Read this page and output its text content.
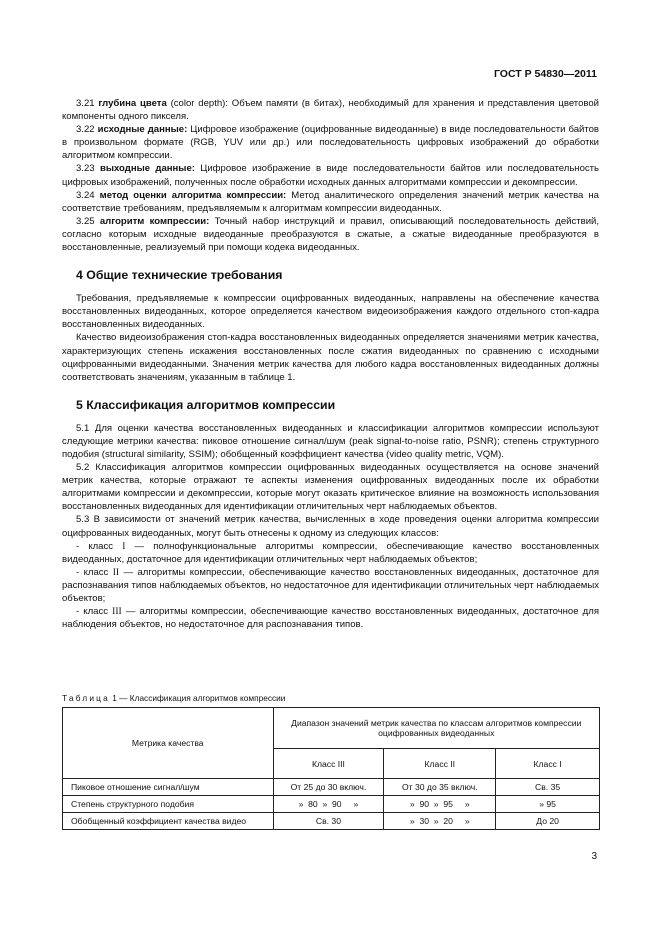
ГОСТ Р 54830—2011

3.21 глубина цвета (color depth): Объем памяти (в битах), необходимый для хранения и представления цветовой компоненты одного пикселя.

3.22 исходные данные: Цифровое изображение (оцифрованные видеоданные) в виде последовательности байтов в произвольном формате (RGB, YUV или др.) или последовательность цифровых изображений до обработки алгоритмом компрессии.

3.23 выходные данные: Цифровое изображение в виде последовательности байтов или последовательность цифровых изображений, полученных после обработки исходных данных алгоритмами компрессии и декомпрессии.

3.24 метод оценки алгоритма компрессии: Метод аналитического определения значений метрик качества на соответствие требованиям, предъявляемым к алгоритмам компрессии видеоданных.

3.25 алгоритм компрессии: Точный набор инструкций и правил, описывающий последовательность действий, согласно которым исходные видеоданные преобразуются в сжатые, а сжатые видеоданные преобразуются в восстановленные, реализуемый при помощи кодека видеоданных.

4 Общие технические требования

Требования, предъявляемые к компрессии оцифрованных видеоданных, направлены на обеспечение качества восстановленных видеоданных, которое определяется качеством видеоизображения каждого отдельного стоп-кадра восстановленных видеоданных.

Качество видеоизображения стоп-кадра восстановленных видеоданных определяется значениями метрик качества, характеризующих степень искажения восстановленных после сжатия видеоданных по сравнению с исходными оцифрованными видеоданными. Значения метрик качества для любого кадра восстановленных видеоданных должны соответствовать значениям, указанным в таблице 1.

5 Классификация алгоритмов компрессии

5.1 Для оценки качества восстановленных видеоданных и классификации алгоритмов компрессии используют следующие метрики качества: пиковое отношение сигнал/шум (peak signal-to-noise ratio, PSNR); степень структурного подобия (structural similarity, SSIM); обобщенный коэффициент качества (video quality metric, VQM).

5.2 Классификация алгоритмов компрессии оцифрованных видеоданных осуществляется на основе значений метрик качества, которые отражают те аспекты изменения оцифрованных видеоданных после их обработки алгоритмами компрессии и декомпрессии, которые могут оказать критическое влияние на возможность использования восстановленных видеоданных для идентификации отличительных черт наблюдаемых объектов.

5.3 В зависимости от значений метрик качества, вычисленных в ходе проведения оценки алгоритма компрессии оцифрованных видеоданных, могут быть отнесены к одному из следующих классов:

- класс I — полнофункциональные алгоритмы компрессии, обеспечивающие качество восстановленных видеоданных, достаточное для идентификации отличительных черт наблюдаемых объектов;

- класс II — алгоритмы компрессии, обеспечивающие качество восстановленных видеоданных, достаточное для распознавания типов наблюдаемых объектов, но недостаточное для идентификации отличительных черт наблюдаемых объектов;

- класс III — алгоритмы компрессии, обеспечивающие качество восстановленных видеоданных, достаточное для наблюдения объектов, но недостаточное для распознавания типов.

Таблица 1 — Классификация алгоритмов компрессии
Метрика качества	Диапазон значений метрик качества по классам алгоритмов компрессии оцифрованных видеоданных		
	Класс III	Класс II	Класс I
Пиковое отношение сигнал/шум	От 25 до 30 включ.	От 30 до 35 включ.	Св. 35
Степень структурного подобия	»  80  »  90     »	»  90  »  95     »	» 95
Обобщенный коэффициент качества видео	Св. 30	»  30  »  20     »	До 20
3
